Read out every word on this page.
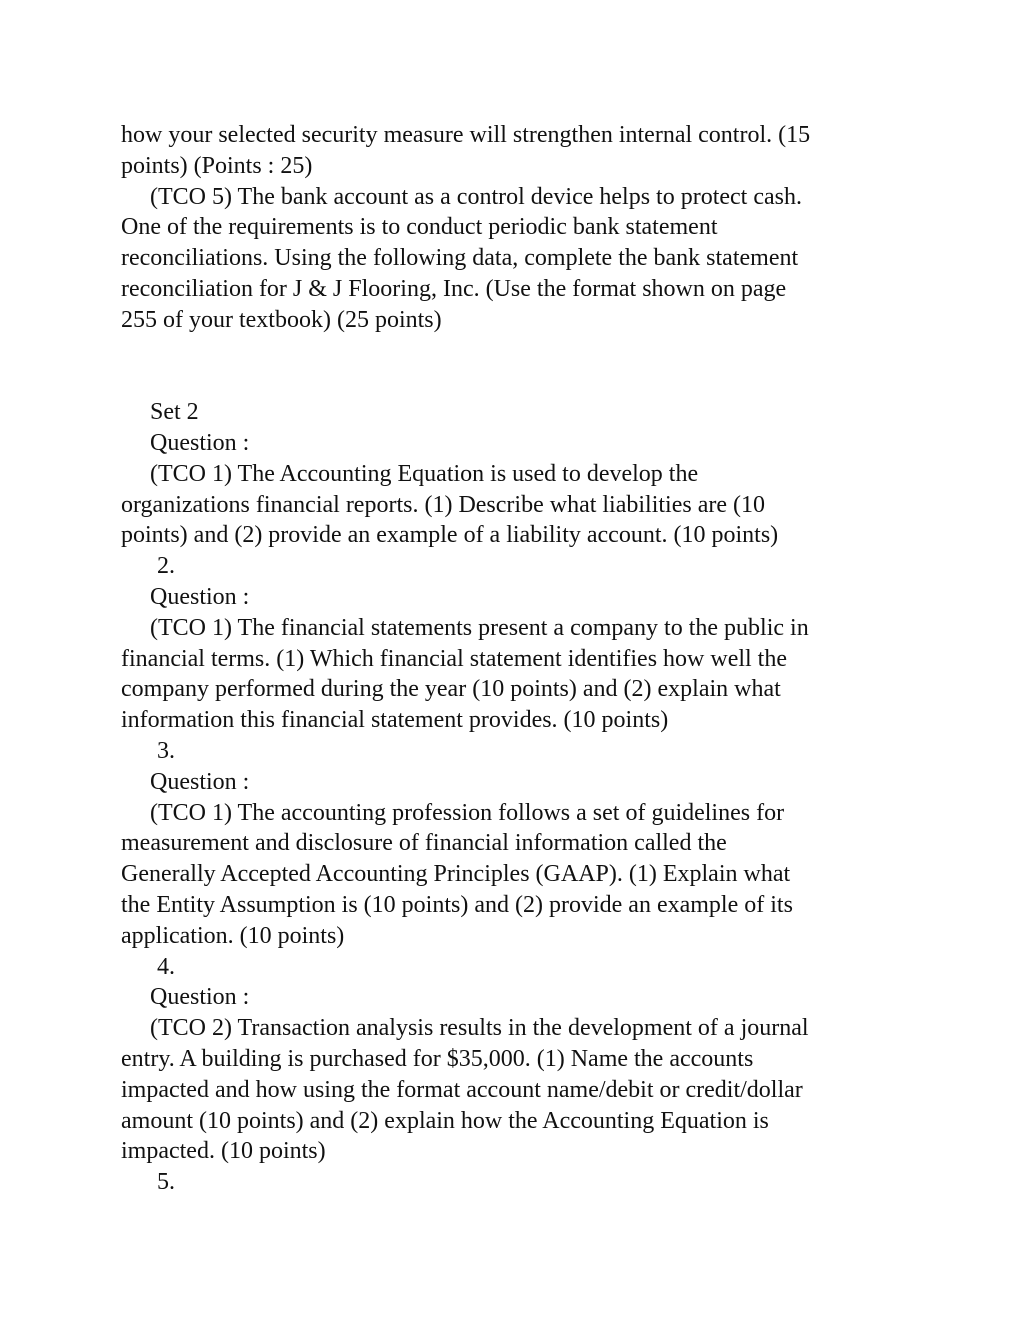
how your selected security measure will strengthen internal control. (15
points) (Points : 25)
(TCO 5) The bank account as a control device helps to protect cash.
One of the requirements is to conduct periodic bank statement
reconciliations. Using the following data, complete the bank statement
reconciliation for J & J Flooring, Inc. (Use the format shown on page
255 of your textbook) (25 points)
Set 2
Question :
(TCO 1) The Accounting Equation is used to develop the
organizations financial reports. (1) Describe what liabilities are (10
points) and (2) provide an example of a liability account. (10 points)
2.
Question :
(TCO 1) The financial statements present a company to the public in
financial terms. (1) Which financial statement identifies how well the
company performed during the year (10 points) and (2) explain what
information this financial statement provides. (10 points)
3.
Question :
(TCO 1) The accounting profession follows a set of guidelines for
measurement and disclosure of financial information called the
Generally Accepted Accounting Principles (GAAP). (1) Explain what
the Entity Assumption is (10 points) and (2) provide an example of its
application. (10 points)
4.
Question :
(TCO 2) Transaction analysis results in the development of a journal
entry. A building is purchased for $35,000. (1) Name the accounts
impacted and how using the format account name/debit or credit/dollar
amount (10 points) and (2) explain how the Accounting Equation is
impacted. (10 points)
5.
